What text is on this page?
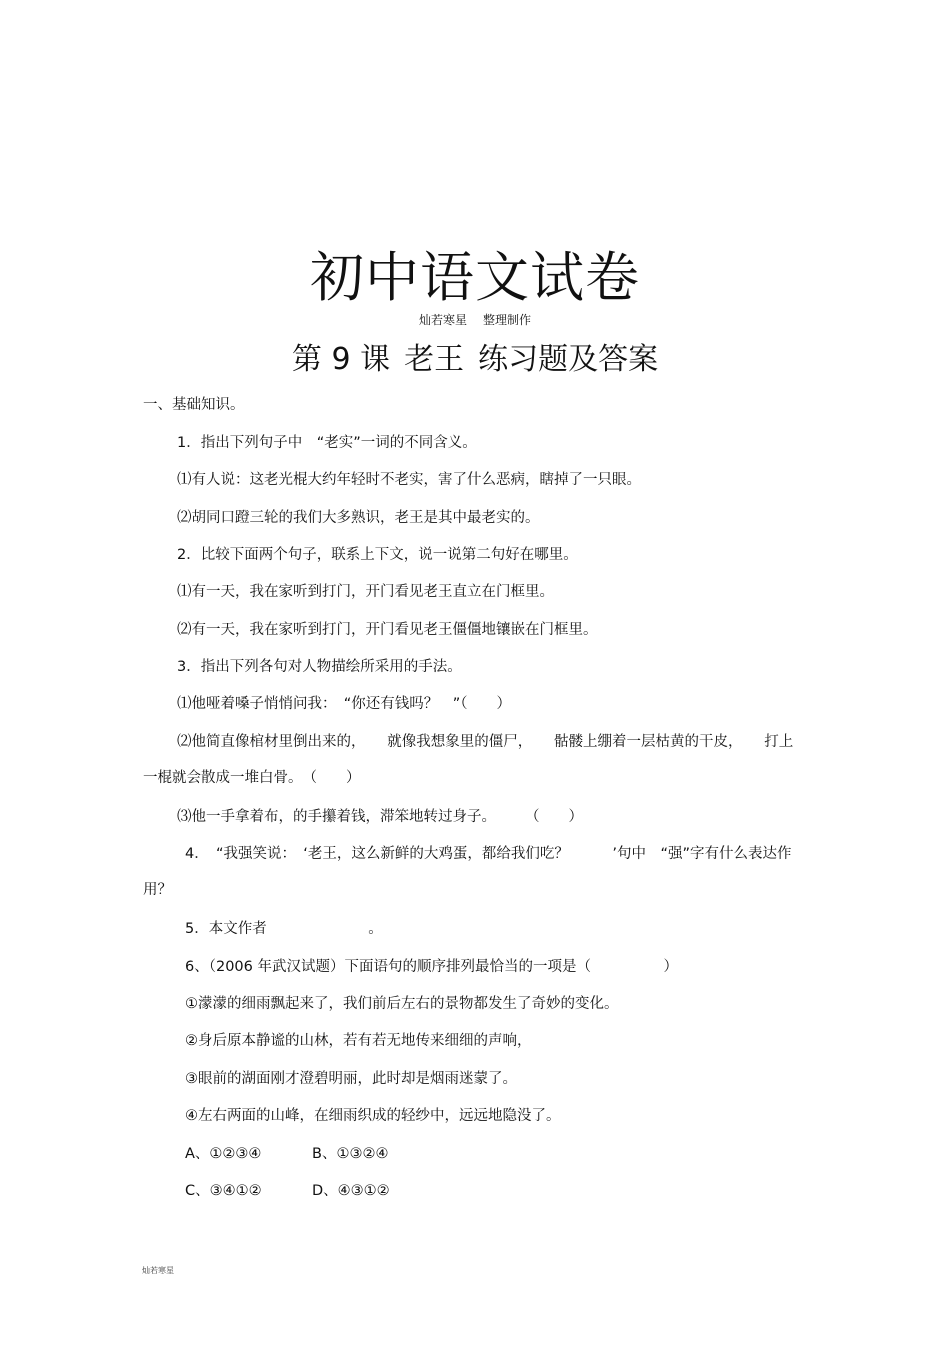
初中语文试卷
灿若寒星 整理制作
第 9 课 老王 练习题及答案
一、基础知识。
1．指出下列句子中　“老实”一词的不同含义。
⑴有人说：这老光棍大约年轻时不老实，害了什么恶病，瞎掉了一只眼。
⑵胡同口蹬三轮的我们大多熟识，老王是其中最老实的。
2．比较下面两个句子，联系上下文，说一说第二句好在哪里。
⑴有一天，我在家听到打门，开门看见老王直立在门框里。
⑵有一天，我在家听到打门，开门看见老王僵僵地镶嵌在门框里。
3．指出下列各句对人物描绘所采用的手法。
⑴他哑着嗓子悄悄问我：　“你还有钱吗？　”（　　）
⑵他简直像棺材里倒出来的，　　就像我想象里的僵尸，　　骷髅上绷着一层枯黄的干皮，　　打上
一棍就会散成一堆白骨。　（　　）
⑶他一手拿着布，的手攥着钱，滞笨地转过身子。　　　（　　）
4．　“我强笑说：　‘老王，这么新鲜的大鸡蛋，都给我们吃？　　　’句中　“强”字有什么表达作
用？
5．本文作者　　　　　　　。
6、（2006 年武汉试题）下面语句的顺序排列最恰当的一项是（　　　　　）
①濛濛的细雨飘起来了，我们前后左右的景物都发生了奇妙的变化。
②身后原本静谧的山林，若有若无地传来细细的声响，
③眼前的湖面刚才澄碧明丽，此时却是烟雨迷蒙了。
④左右两面的山峰，在细雨织成的轻纱中，远远地隐没了。
A、①②③④	B、①③②④
C、③④①②	D、④③①②
灿若寒星
